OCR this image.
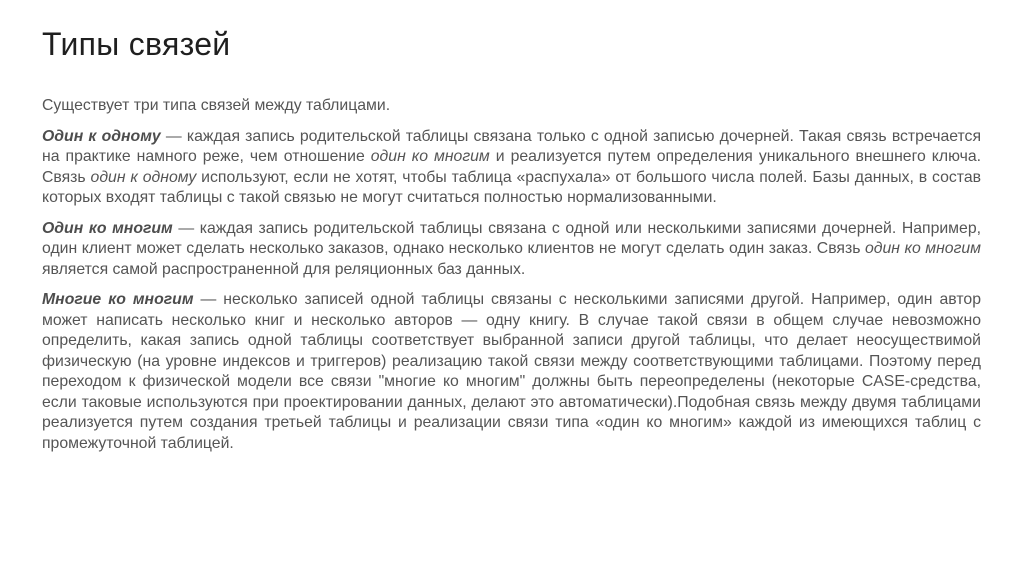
Типы связей

Существует три типа связей между таблицами.

Один к одному — каждая запись родительской таблицы связана только с одной записью дочерней. Такая связь встречается на практике намного реже, чем отношение один ко многим и реализуется путем определения уникального внешнего ключа. Связь один к одному используют, если не хотят, чтобы таблица «распухала» от большого числа полей. Базы данных, в состав которых входят таблицы с такой связью не могут считаться полностью нормализованными.

Один ко многим — каждая запись родительской таблицы связана с одной или несколькими записями дочерней. Например, один клиент может сделать несколько заказов, однако несколько клиентов не могут сделать один заказ. Связь один ко многим является самой распространенной для реляционных баз данных.

Многие ко многим — несколько записей одной таблицы связаны с несколькими записями другой. Например, один автор может написать несколько книг и несколько авторов — одну книгу. В случае такой связи в общем случае невозможно определить, какая запись одной таблицы соответствует выбранной записи другой таблицы, что делает неосуществимой физическую (на уровне индексов и триггеров) реализацию такой связи между соответствующими таблицами. Поэтому перед переходом к физической модели все связи "многие ко многим" должны быть переопределены (некоторые CASE-средства, если таковые используются при проектировании данных, делают это автоматически).Подобная связь между двумя таблицами реализуется путем создания третьей таблицы и реализации связи типа «один ко многим» каждой из имеющихся таблиц с промежуточной таблицей.
